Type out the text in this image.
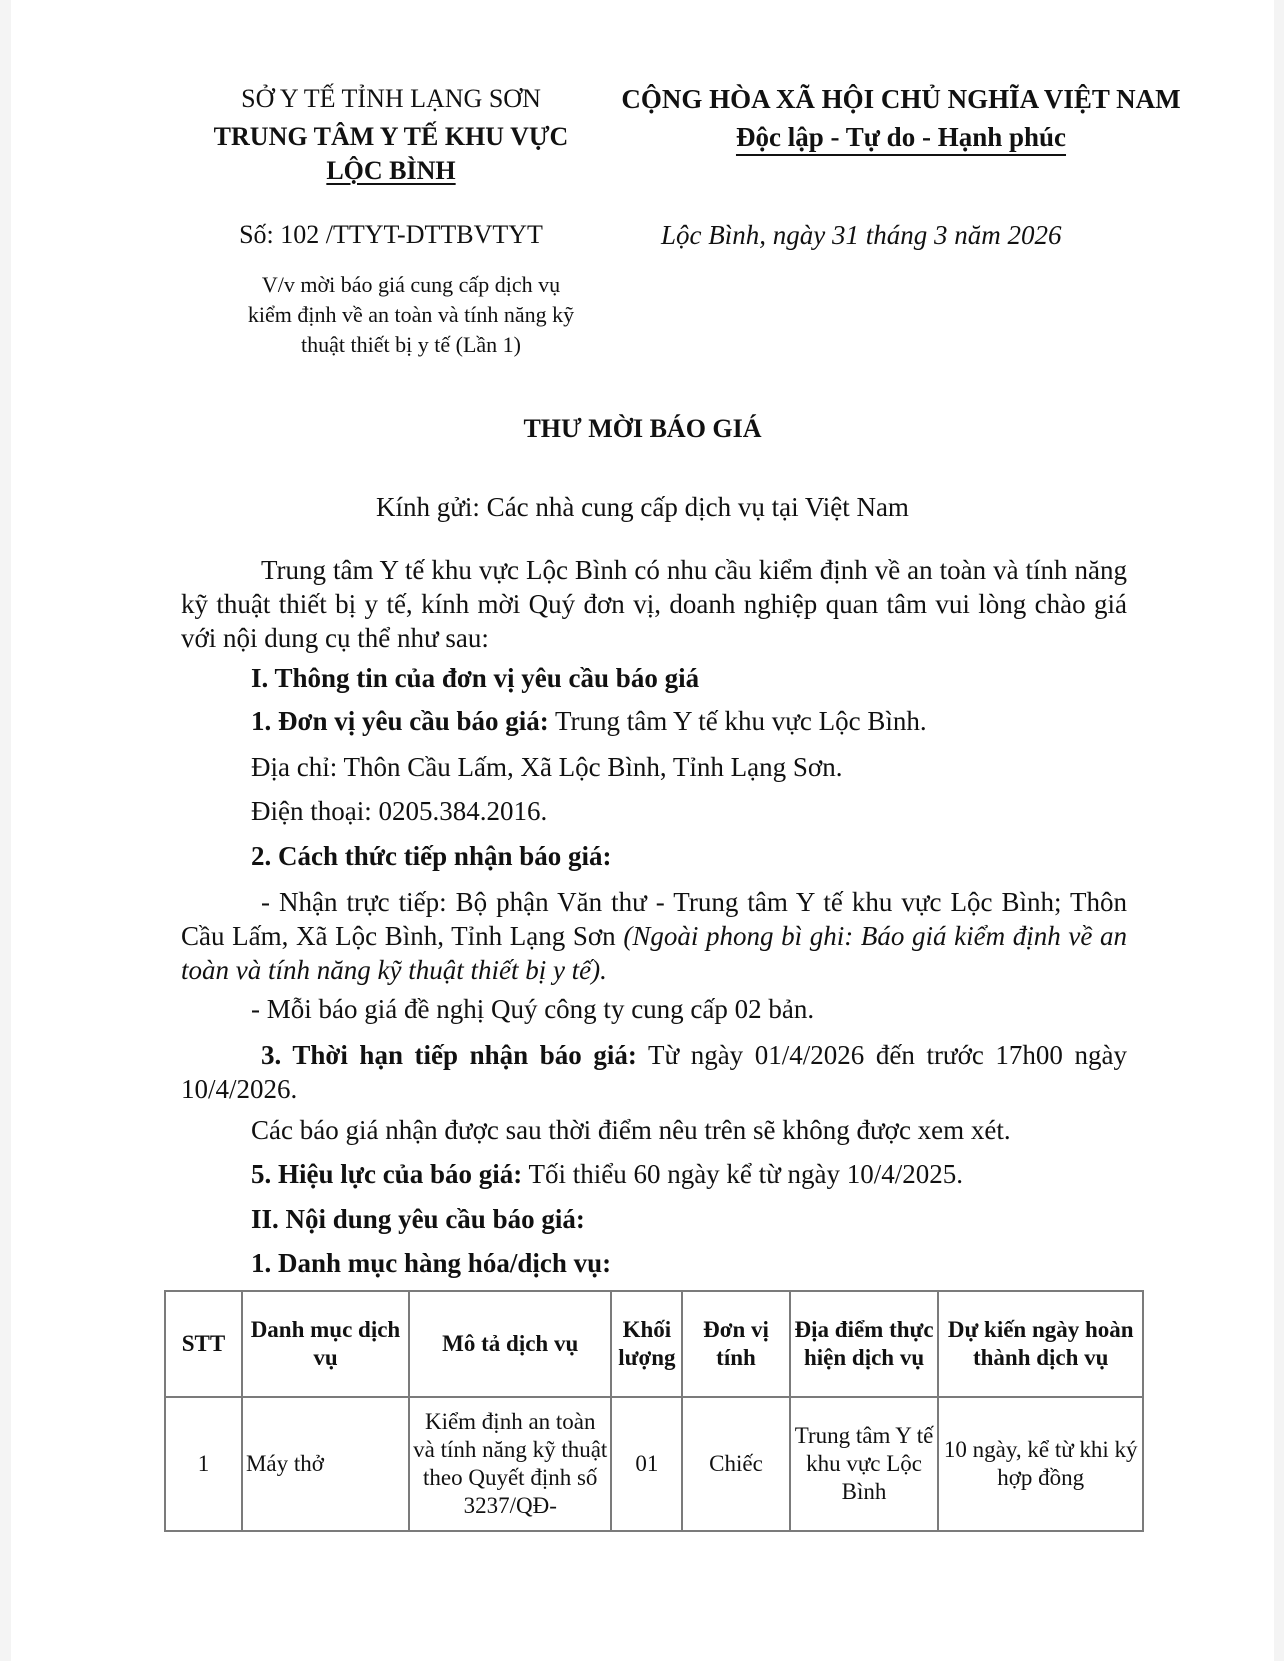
SỞ Y TẾ TỈNH LẠNG SƠN
TRUNG TÂM Y TẾ KHU VỰC
LỘC BÌNH
CỘNG HÒA XÃ HỘI CHỦ NGHĨA VIỆT NAM
Độc lập - Tự do - Hạnh phúc
Số: 102 /TTYT-DTTBVTYT	Lộc Bình, ngày 31 tháng 3 năm 2026
V/v mời báo giá cung cấp dịch vụ kiểm định về an toàn và tính năng kỹ thuật thiết bị y tế (Lần 1)
THƯ MỜI BÁO GIÁ
Kính gửi: Các nhà cung cấp dịch vụ tại Việt Nam
Trung tâm Y tế khu vực Lộc Bình có nhu cầu kiểm định về an toàn và tính năng kỹ thuật thiết bị y tế, kính mời Quý đơn vị, doanh nghiệp quan tâm vui lòng chào giá với nội dung cụ thể như sau:
I. Thông tin của đơn vị yêu cầu báo giá
1. Đơn vị yêu cầu báo giá: Trung tâm Y tế khu vực Lộc Bình.
Địa chỉ: Thôn Cầu Lấm, Xã Lộc Bình, Tỉnh Lạng Sơn.
Điện thoại: 0205.384.2016.
2. Cách thức tiếp nhận báo giá:
- Nhận trực tiếp: Bộ phận Văn thư - Trung tâm Y tế khu vực Lộc Bình; Thôn Cầu Lấm, Xã Lộc Bình, Tỉnh Lạng Sơn (Ngoài phong bì ghi: Báo giá kiểm định về an toàn và tính năng kỹ thuật thiết bị y tế).
- Mỗi báo giá đề nghị Quý công ty cung cấp 02 bản.
3. Thời hạn tiếp nhận báo giá: Từ ngày 01/4/2026 đến trước 17h00 ngày 10/4/2026.
Các báo giá nhận được sau thời điểm nêu trên sẽ không được xem xét.
5. Hiệu lực của báo giá: Tối thiểu 60 ngày kể từ ngày 10/4/2025.
II. Nội dung yêu cầu báo giá:
1. Danh mục hàng hóa/dịch vụ:
STT	Danh mục dịch vụ	Mô tả dịch vụ	Khối lượng	Đơn vị tính	Địa điểm thực hiện dịch vụ	Dự kiến ngày hoàn thành dịch vụ
1	Máy thở	Kiểm định an toàn và tính năng kỹ thuật theo Quyết định số 3237/QĐ-	01	Chiếc	Trung tâm Y tế khu vực Lộc Bình	10 ngày, kể từ khi ký hợp đồng
